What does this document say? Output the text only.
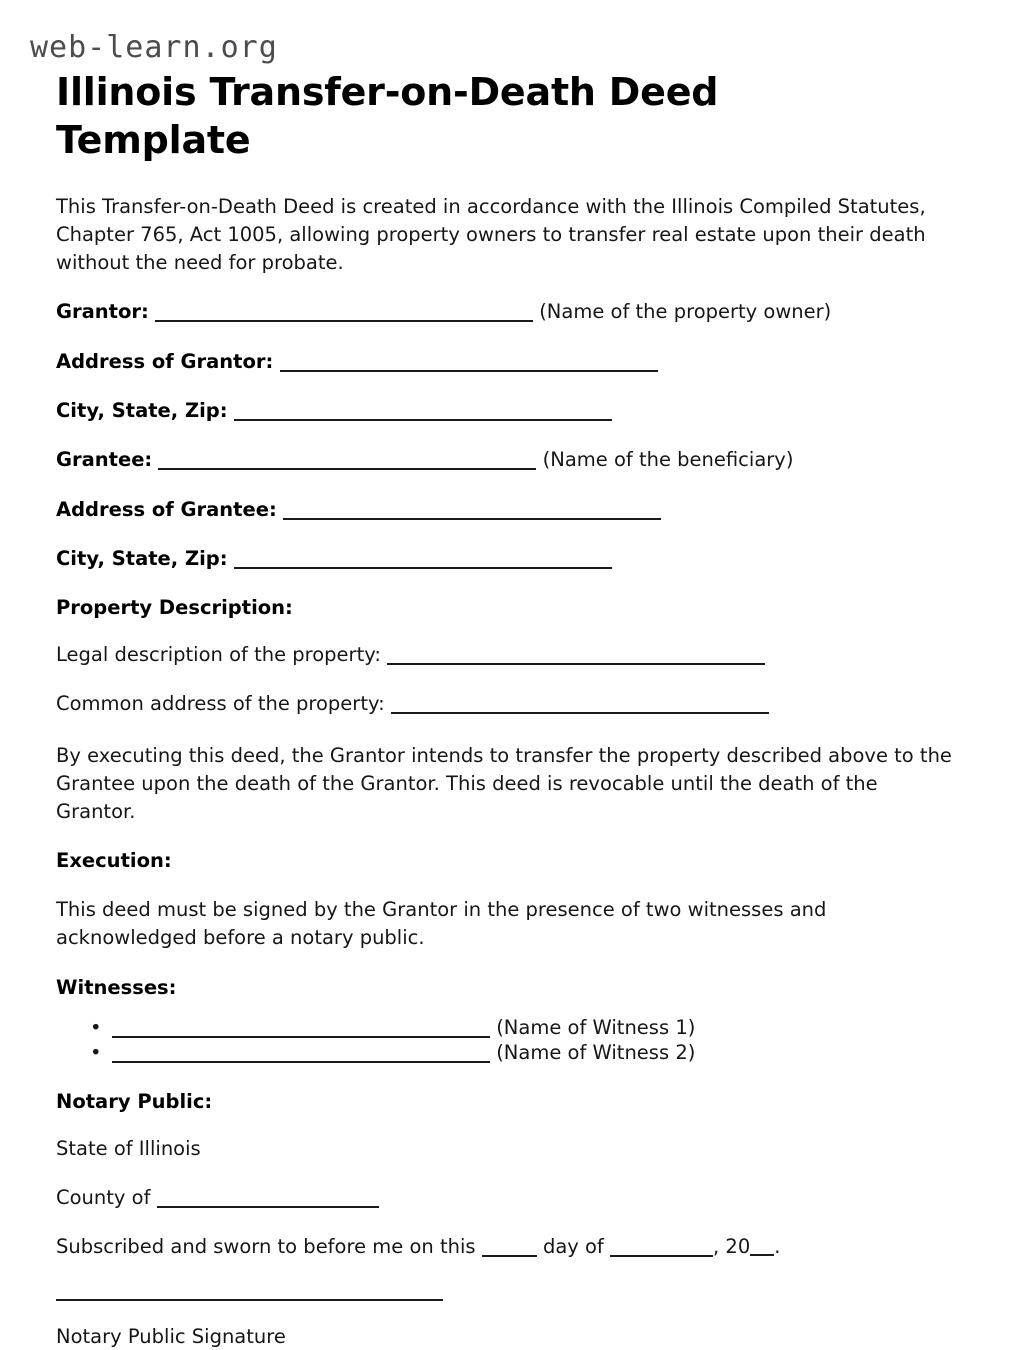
web-learn.org
Illinois Transfer-on-Death Deed Template

This Transfer-on-Death Deed is created in accordance with the Illinois Compiled Statutes, Chapter 765, Act 1005, allowing property owners to transfer real estate upon their death without the need for probate.

Grantor:	(Name of the property owner)
Address of Grantor:
City, State, Zip:
Grantee:	(Name of the beneficiary)
Address of Grantee:
City, State, Zip:
Property Description:
Legal description of the property:
Common address of the property:

By executing this deed, the Grantor intends to transfer the property described above to the Grantee upon the death of the Grantor. This deed is revocable until the death of the Grantor.

Execution:

This deed must be signed by the Grantor in the presence of two witnesses and acknowledged before a notary public.

Witnesses:
•	(Name of Witness 1)
•	(Name of Witness 2)
Notary Public:
State of Illinois
County of
Subscribed and sworn to before me on this	day of	, 20 .
Notary Public Signature
